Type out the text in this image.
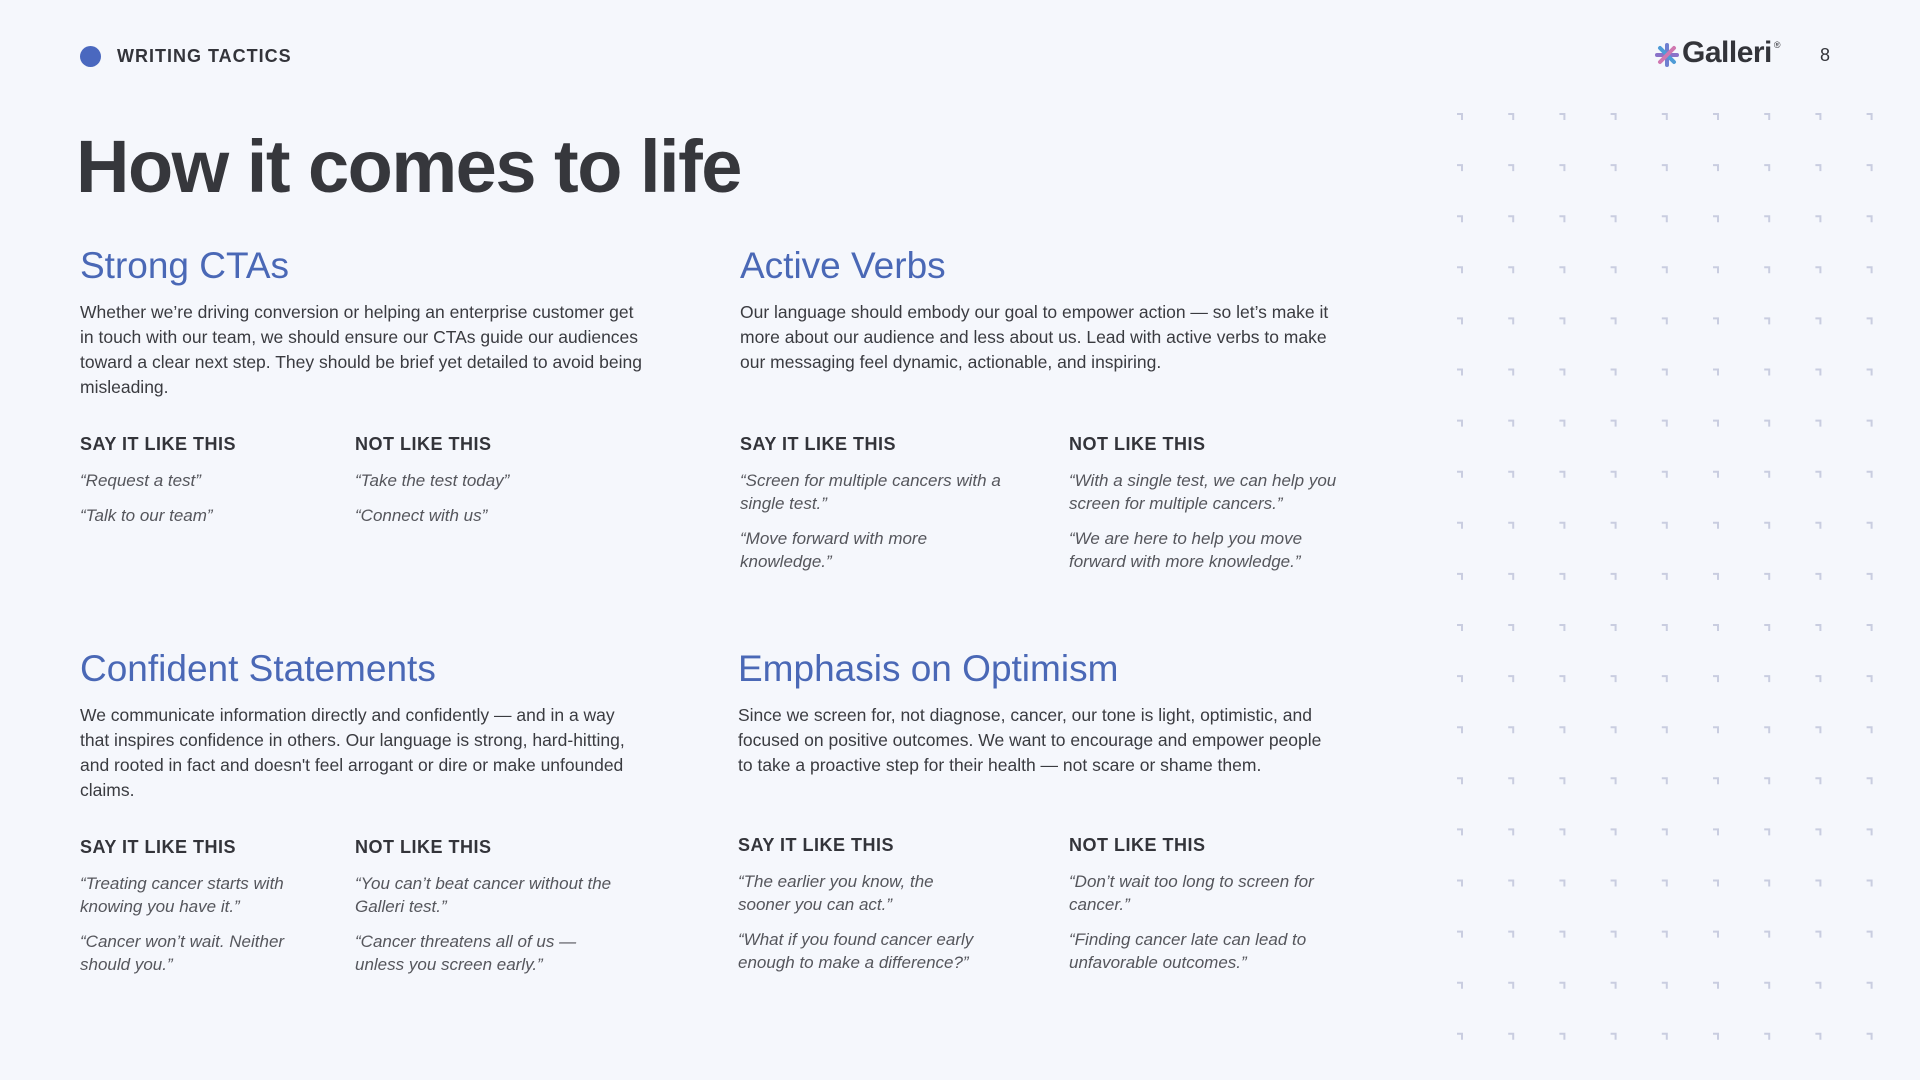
WRITING TACTICS	Galleri ® 8
How it comes to life
Strong CTAs

Whether we’re driving conversion or helping an enterprise customer get in touch with our team, we should ensure our CTAs guide our audiences toward a clear next step. They should be brief yet detailed to avoid being misleading.

SAY IT LIKE THIS
“Request a test”
“Talk to our team”
NOT LIKE THIS
“Take the test today”
“Connect with us”
Active Verbs

Our language should embody our goal to empower action — so let’s make it more about our audience and less about us. Lead with active verbs to make our messaging feel dynamic, actionable, and inspiring.

SAY IT LIKE THIS
“Screen for multiple cancers with a single test.”
“Move forward with more knowledge.”
NOT LIKE THIS
“With a single test, we can help you screen for multiple cancers.”
“We are here to help you move forward with more knowledge.”
Confident Statements

We communicate information directly and confidently — and in a way that inspires confidence in others. Our language is strong, hard-hitting, and rooted in fact and doesn't feel arrogant or dire or make unfounded claims.

SAY IT LIKE THIS
“Treating cancer starts with knowing you have it.”
“Cancer won’t wait. Neither should you.”
NOT LIKE THIS
“You can’t beat cancer without the Galleri test.”
“Cancer threatens all of us — unless you screen early.”
Emphasis on Optimism

Since we screen for, not diagnose, cancer, our tone is light, optimistic, and focused on positive outcomes. We want to encourage and empower people to take a proactive step for their health — not scare or shame them.

SAY IT LIKE THIS
“The earlier you know, the sooner you can act.”
“What if you found cancer early enough to make a difference?”
NOT LIKE THIS
“Don’t wait too long to screen for cancer.”
“Finding cancer late can lead to unfavorable outcomes.”
